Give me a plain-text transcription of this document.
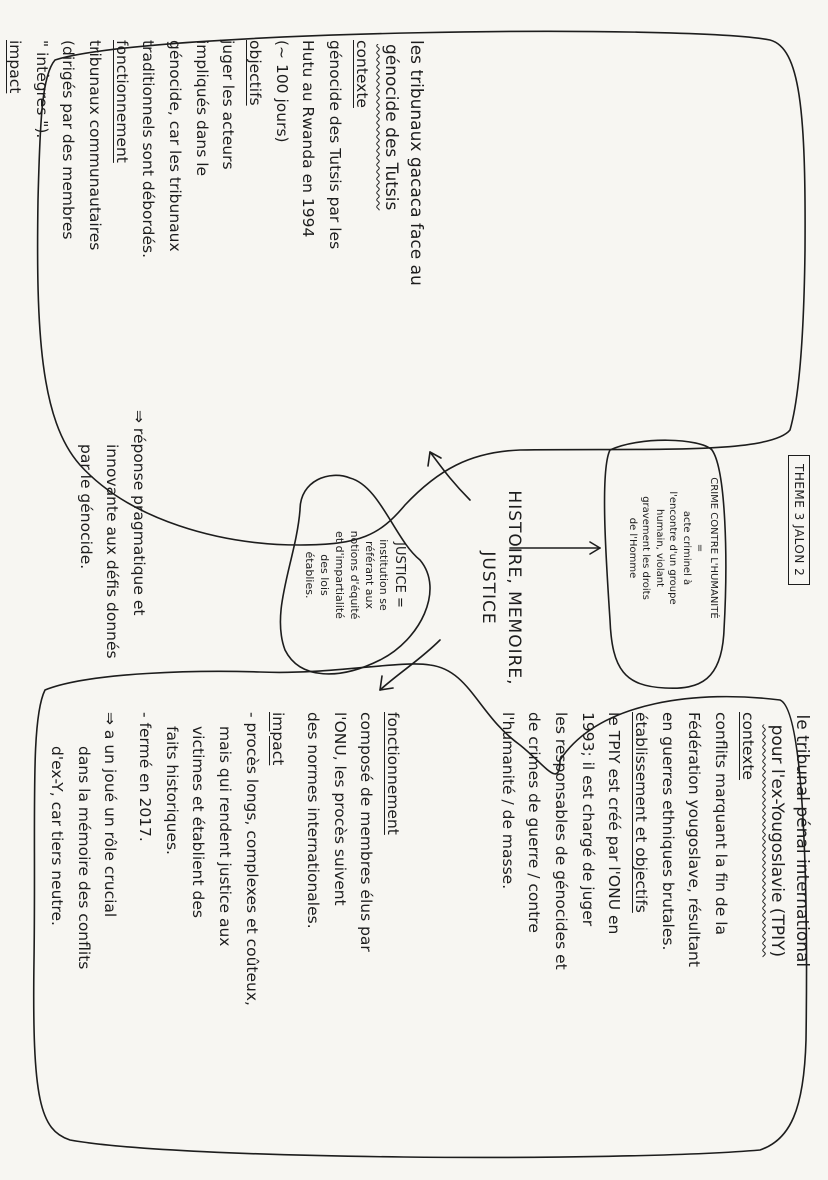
THEME 3 JALON 2
HISTOIRE, MEMOIRE,
JUSTICE	CRIME CONTRE L'HUMANITÉ
=
acte criminel à
l'encontre d'un groupe
humain, violant
gravement les droits
de l'Homme
JUSTICE =
institution se
référant aux
notions d'équité
et d'impartialité
des lois
établies.
le tribunal pénal international
pour l'ex-Yougoslavie (TPIY)
contexte
conflits marquant la fin de la
Fédération yougoslave, résultant
en guerres ethniques brutales.
établissement et objectifs
le TPIY est créé par l'ONU en
1993; il est chargé de juger
les responsables de génocides et
de crimes de guerre / contre
l'humanité / de masse.
fonctionnement
composé de membres élus par
l'ONU, les procès suivent
des normes internationales.
impact
- procès longs, complexes et coûteux,
mais qui rendent justice aux
victimes et établient des
faits historiques.
- fermé en 2017.
⇒ a un joué un rôle crucial
dans la mémoire des conflits
d'ex-Y, car tiers neutre.
les tribunaux gacaca face au
génocide des Tutsis
contexte
génocide des Tutsis par les
Hutu au Rwanda en 1994
(~ 100 jours)
objectifs
juger les acteurs
impliqués dans le
génocide, car les tribunaux
traditionnels sont débordés.
fonctionnement
tribunaux communautaires
(dirigés par des membres
" intègres ").
impact
⇒ réponse pragmatique et
innovante aux défis donnés
par le génocide.
